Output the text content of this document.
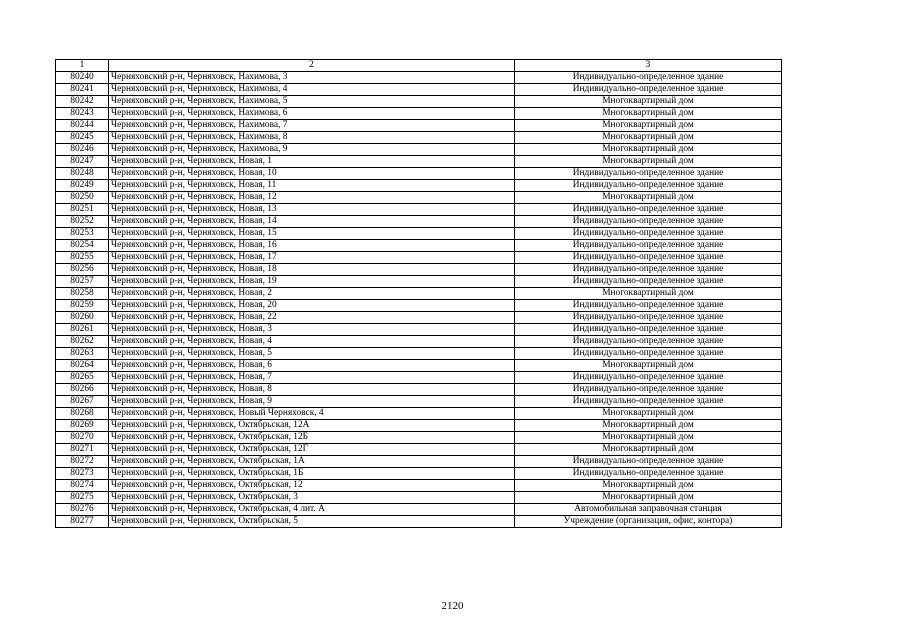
1	2	3
80240	Черняховский р-н, Черняховск, Нахимова, 3	Индивидуально-определенное здание
80241	Черняховский р-н, Черняховск, Нахимова, 4	Индивидуально-определенное здание
80242	Черняховский р-н, Черняховск, Нахимова, 5	Многоквартирный дом
80243	Черняховский р-н, Черняховск, Нахимова, 6	Многоквартирный дом
80244	Черняховский р-н, Черняховск, Нахимова, 7	Многоквартирный дом
80245	Черняховский р-н, Черняховск, Нахимова, 8	Многоквартирный дом
80246	Черняховский р-н, Черняховск, Нахимова, 9	Многоквартирный дом
80247	Черняховский р-н, Черняховск, Новая, 1	Многоквартирный дом
80248	Черняховский р-н, Черняховск, Новая, 10	Индивидуально-определенное здание
80249	Черняховский р-н, Черняховск, Новая, 11	Индивидуально-определенное здание
80250	Черняховский р-н, Черняховск, Новая, 12	Многоквартирный дом
80251	Черняховский р-н, Черняховск, Новая, 13	Индивидуально-определенное здание
80252	Черняховский р-н, Черняховск, Новая, 14	Индивидуально-определенное здание
80253	Черняховский р-н, Черняховск, Новая, 15	Индивидуально-определенное здание
80254	Черняховский р-н, Черняховск, Новая, 16	Индивидуально-определенное здание
80255	Черняховский р-н, Черняховск, Новая, 17	Индивидуально-определенное здание
80256	Черняховский р-н, Черняховск, Новая, 18	Индивидуально-определенное здание
80257	Черняховский р-н, Черняховск, Новая, 19	Индивидуально-определенное здание
80258	Черняховский р-н, Черняховск, Новая, 2	Многоквартирный дом
80259	Черняховский р-н, Черняховск, Новая, 20	Индивидуально-определенное здание
80260	Черняховский р-н, Черняховск, Новая, 22	Индивидуально-определенное здание
80261	Черняховский р-н, Черняховск, Новая, 3	Индивидуально-определенное здание
80262	Черняховский р-н, Черняховск, Новая, 4	Индивидуально-определенное здание
80263	Черняховский р-н, Черняховск, Новая, 5	Индивидуально-определенное здание
80264	Черняховский р-н, Черняховск, Новая, 6	Многоквартирный дом
80265	Черняховский р-н, Черняховск, Новая, 7	Индивидуально-определенное здание
80266	Черняховский р-н, Черняховск, Новая, 8	Индивидуально-определенное здание
80267	Черняховский р-н, Черняховск, Новая, 9	Индивидуально-определенное здание
80268	Черняховский р-н, Черняховск, Новый Черняховск, 4	Многоквартирный дом
80269	Черняховский р-н, Черняховск, Октябрьская, 12А	Многоквартирный дом
80270	Черняховский р-н, Черняховск, Октябрьская, 12Б	Многоквартирный дом
80271	Черняховский р-н, Черняховск, Октябрьская, 12Г	Многоквартирный дом
80272	Черняховский р-н, Черняховск, Октябрьская, 1А	Индивидуально-определенное здание
80273	Черняховский р-н, Черняховск, Октябрьская, 1Б	Индивидуально-определенное здание
80274	Черняховский р-н, Черняховск, Октябрьская, 12	Многоквартирный дом
80275	Черняховский р-н, Черняховск, Октябрьская, 3	Многоквартирный дом
80276	Черняховский р-н, Черняховск, Октябрьская, 4 лит. А	Автомобильная заправочная станция
80277	Черняховский р-н, Черняховск, Октябрьская, 5	Учреждение (организация, офис, контора)
2120
